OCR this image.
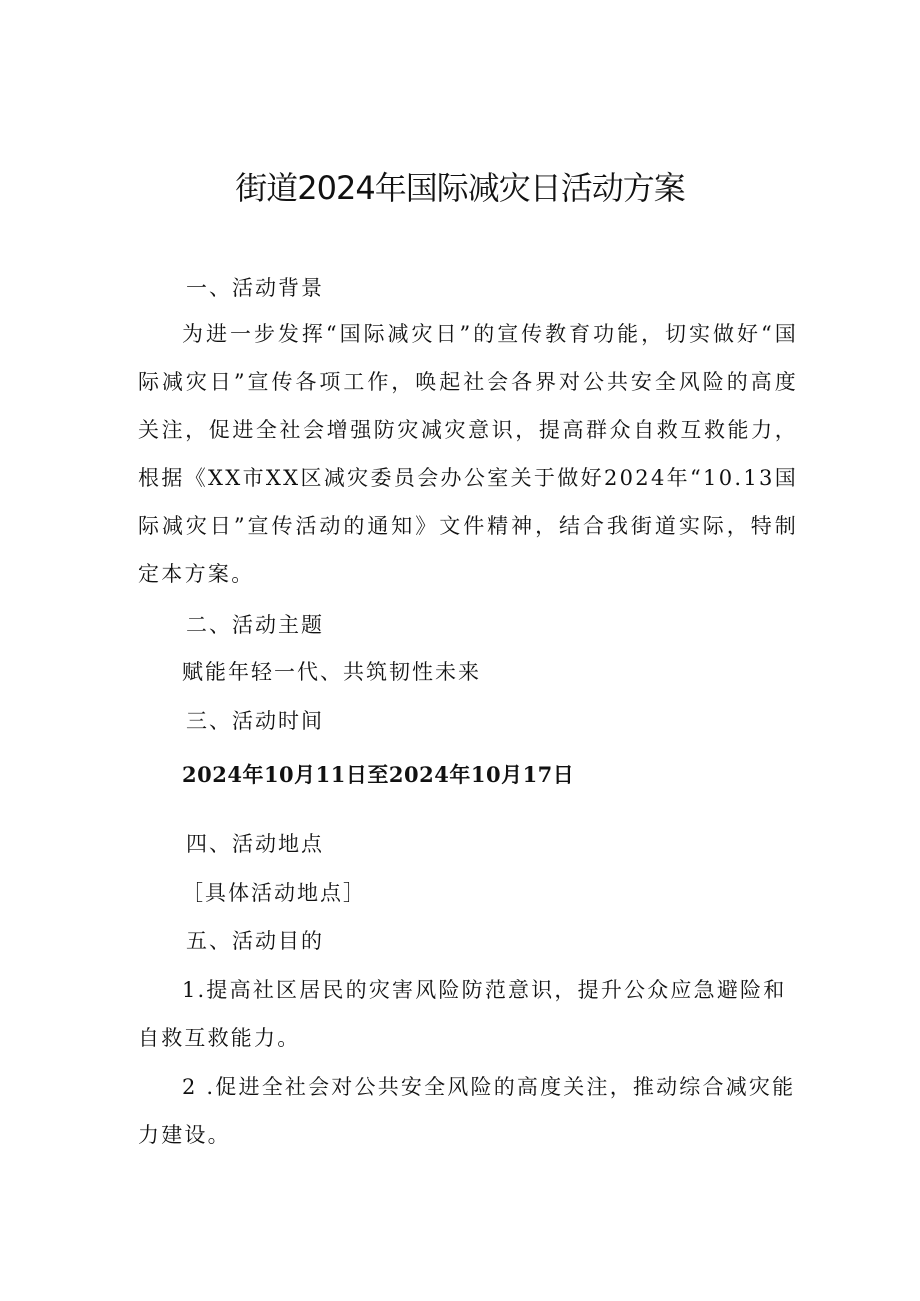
街道2024年国际减灾日活动方案

一、活动背景

为进一步发挥“国际减灾日”的宣传教育功能，切实做好“国际减灾日”宣传各项工作，唤起社会各界对公共安全风险的高度关注，促进全社会增强防灾减灾意识，提高群众自救互救能力，根据《XX市XX区减灾委员会办公室关于做好2024年“10.13国际减灾日”宣传活动的通知》文件精神，结合我街道实际，特制定本方案。

二、活动主题

赋能年轻一代、共筑韧性未来

三、活动时间

2024年10月11日至2024年10月17日

四、活动地点

［具体活动地点］

五、活动目的

1.提高社区居民的灾害风险防范意识，提升公众应急避险和自救互救能力。

2 .促进全社会对公共安全风险的高度关注，推动综合减灾能力建设。
